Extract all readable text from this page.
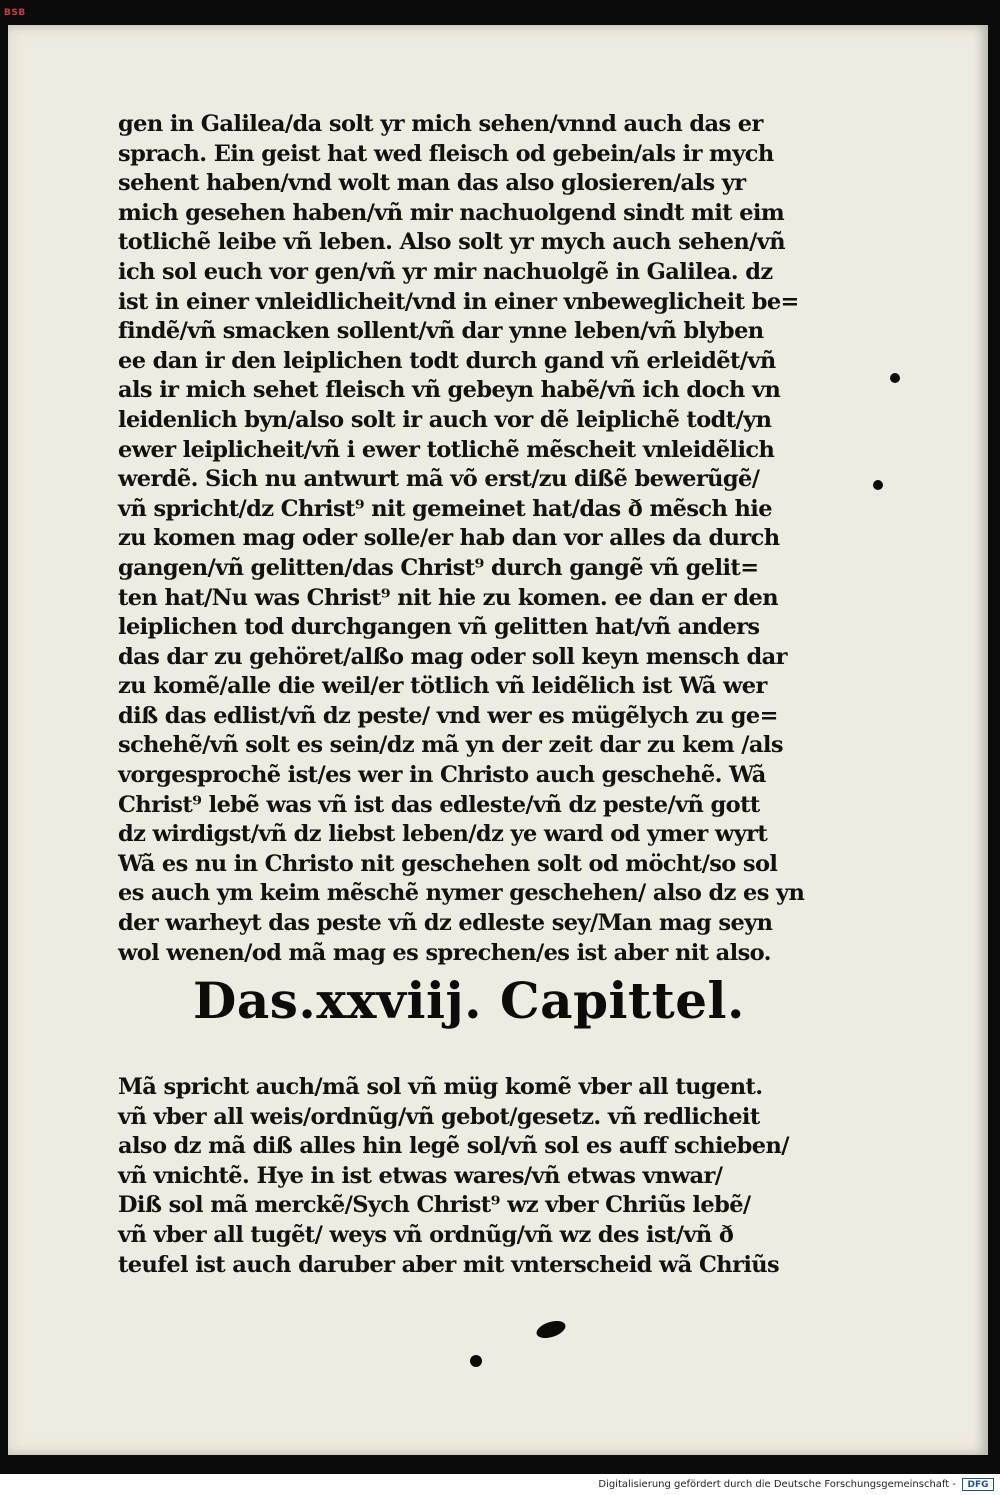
BSB
gen in Galilea/da solt yr mich sehen/vnnd auch das er
sprach. Ein geist hat wed fleisch od gebein/als ir mych
sehent haben/vnd wolt man das also glosieren/als yr
mich gesehen haben/vñ mir nachuolgend sindt mit eim
totlichẽ leibe vñ leben. Also solt yr mych auch sehen/vñ
ich sol euch vor gen/vñ yr mir nachuolgẽ in Galilea. dz
ist in einer vnleidlicheit/vnd in einer vnbeweglicheit be=
findẽ/vñ smacken sollent/vñ dar ynne leben/vñ blyben
ee dan ir den leiplichen todt durch gand vñ erleidẽt/vñ
als ir mich sehet fleisch vñ gebeyn habẽ/vñ ich doch vn
leidenlich byn/also solt ir auch vor dẽ leiplichẽ todt/yn
ewer leiplicheit/vñ i ewer totlichẽ mẽscheit vnleidẽlich
werdẽ. Sich nu antwurt mã võ erst/zu dißẽ bewerũgẽ/
vñ spricht/dz Christ⁹ nit gemeinet hat/das ð mẽsch hie
zu komen mag oder solle/er hab dan vor alles da durch
gangen/vñ gelitten/das Christ⁹ durch gangẽ vñ gelit=
ten hat/Nu was Christ⁹ nit hie zu komen. ee dan er den
leiplichen tod durchgangen vñ gelitten hat/vñ anders
das dar zu gehöret/alßo mag oder soll keyn mensch dar
zu komẽ/alle die weil/er tötlich vñ leidẽlich ist Wã wer
diß das edlist/vñ dz peste/ vnd wer es mügẽlych zu ge=
schehẽ/vñ solt es sein/dz mã yn der zeit dar zu kem /als
vorgesprochẽ ist/es wer in Christo auch geschehẽ. Wã
Christ⁹ lebẽ was vñ ist das edleste/vñ dz peste/vñ gott
dz wirdigst/vñ dz liebst leben/dz ye ward od ymer wyrt
Wã es nu in Christo nit geschehen solt od möcht/so sol
es auch ym keim mẽschẽ nymer geschehen/ also dz es yn
der warheyt das peste vñ dz edleste sey/Man mag seyn
wol wenen/od mã mag es sprechen/es ist aber nit also.
Das.xxviij. Capittel.
Mã spricht auch/mã sol vñ müg komẽ vber all tugent.
vñ vber all weis/ordnũg/vñ gebot/gesetz. vñ redlicheit
also dz mã diß alles hin legẽ sol/vñ sol es auff schieben/
vñ vnichtẽ. Hye in ist etwas wares/vñ etwas vnwar/
Diß sol mã merckẽ/Sych Christ⁹ wz vber Chriũs lebẽ/
vñ vber all tugẽt/ weys vñ ordnũg/vñ wz des ist/vñ ð
teufel ist auch daruber aber mit vnterscheid wã Chriũs
Digitalisierung gefördert durch die Deutsche Forschungsgemeinschaft -	DFG
